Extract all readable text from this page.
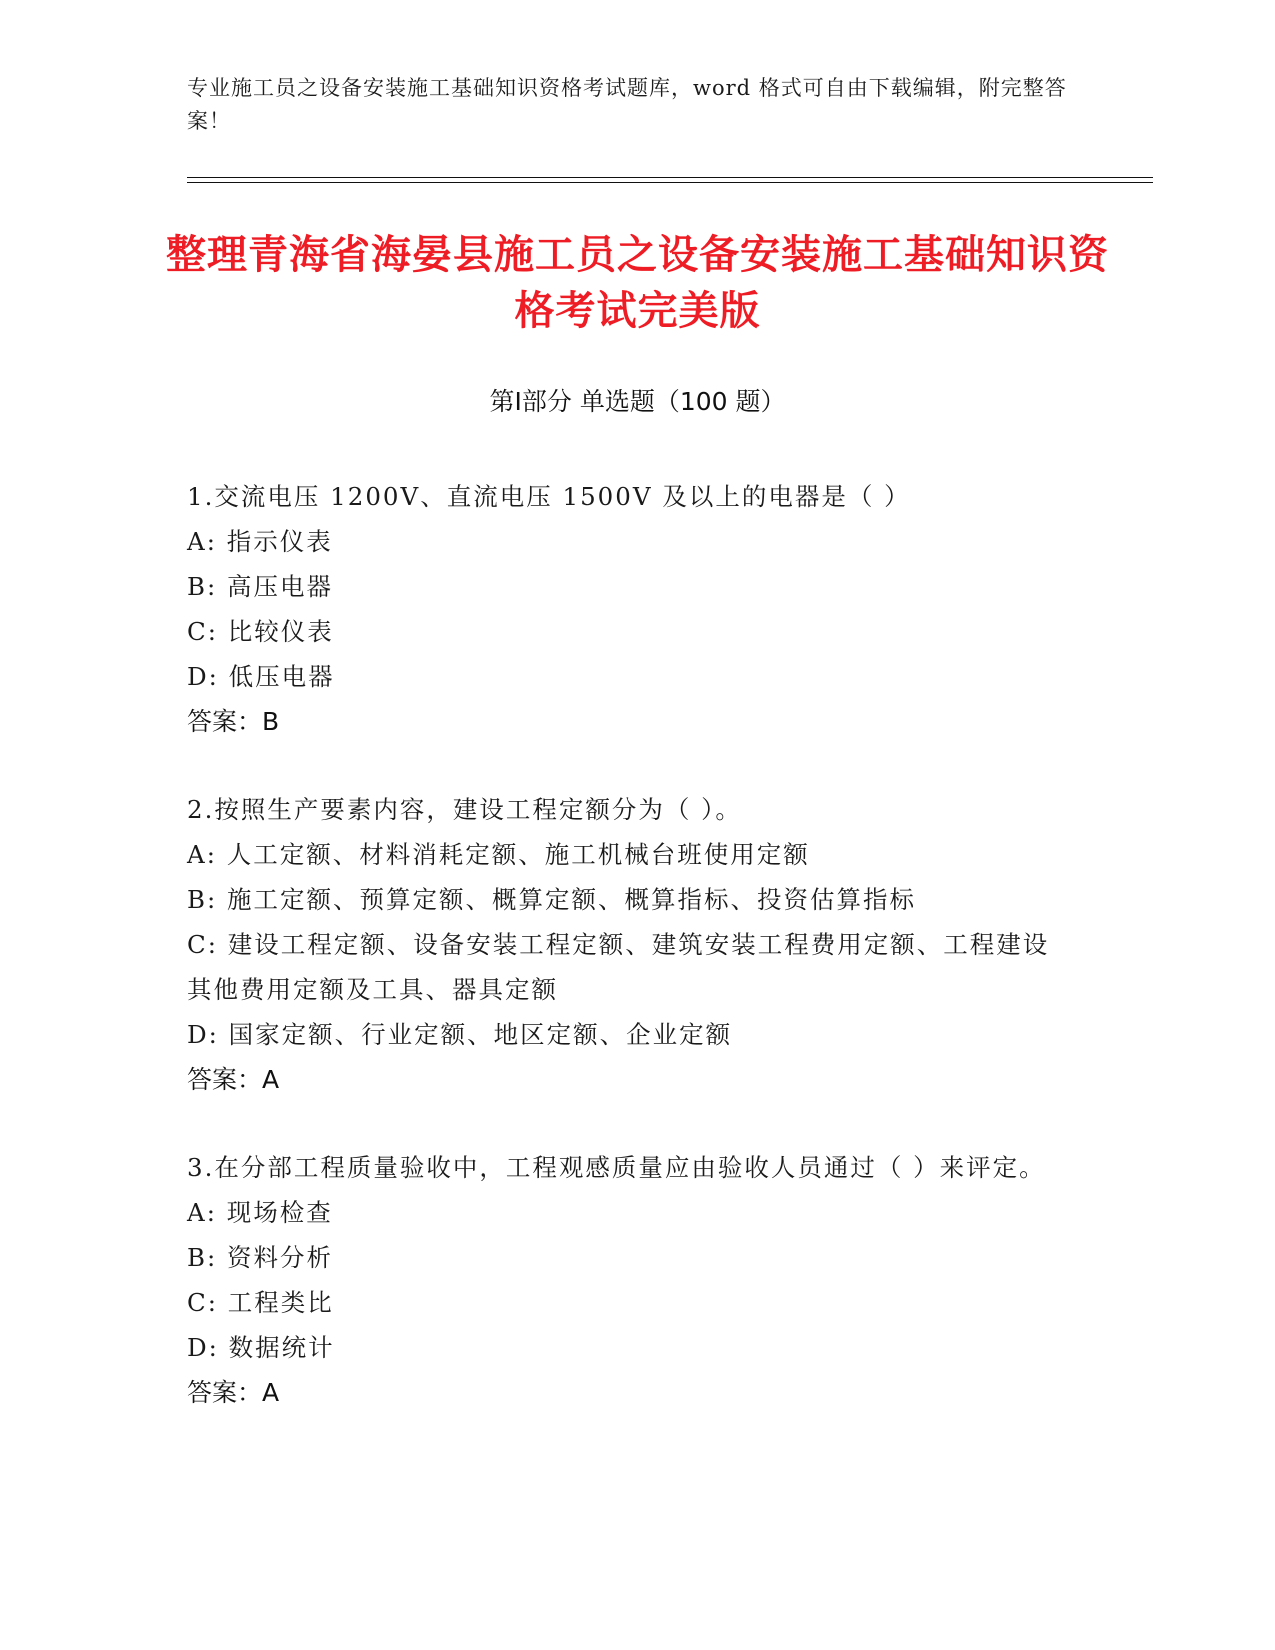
专业施工员之设备安装施工基础知识资格考试题库，word 格式可自由下载编辑，附完整答案！
整理青海省海晏县施工员之设备安装施工基础知识资格考试完美版
第Ⅰ部分 单选题（100 题）

1.交流电压 1200V、直流电压 1500V 及以上的电器是（ ）

A: 指示仪表

B: 高压电器

C: 比较仪表

D: 低压电器

答案：B

2.按照生产要素内容，建设工程定额分为（ ）。

A: 人工定额、材料消耗定额、施工机械台班使用定额

B: 施工定额、预算定额、概算定额、概算指标、投资估算指标

C: 建设工程定额、设备安装工程定额、建筑安装工程费用定额、工程建设其他费用定额及工具、器具定额

D: 国家定额、行业定额、地区定额、企业定额

答案：A

3.在分部工程质量验收中，工程观感质量应由验收人员通过（ ）来评定。

A: 现场检查

B: 资料分析

C: 工程类比

D: 数据统计

答案：A
